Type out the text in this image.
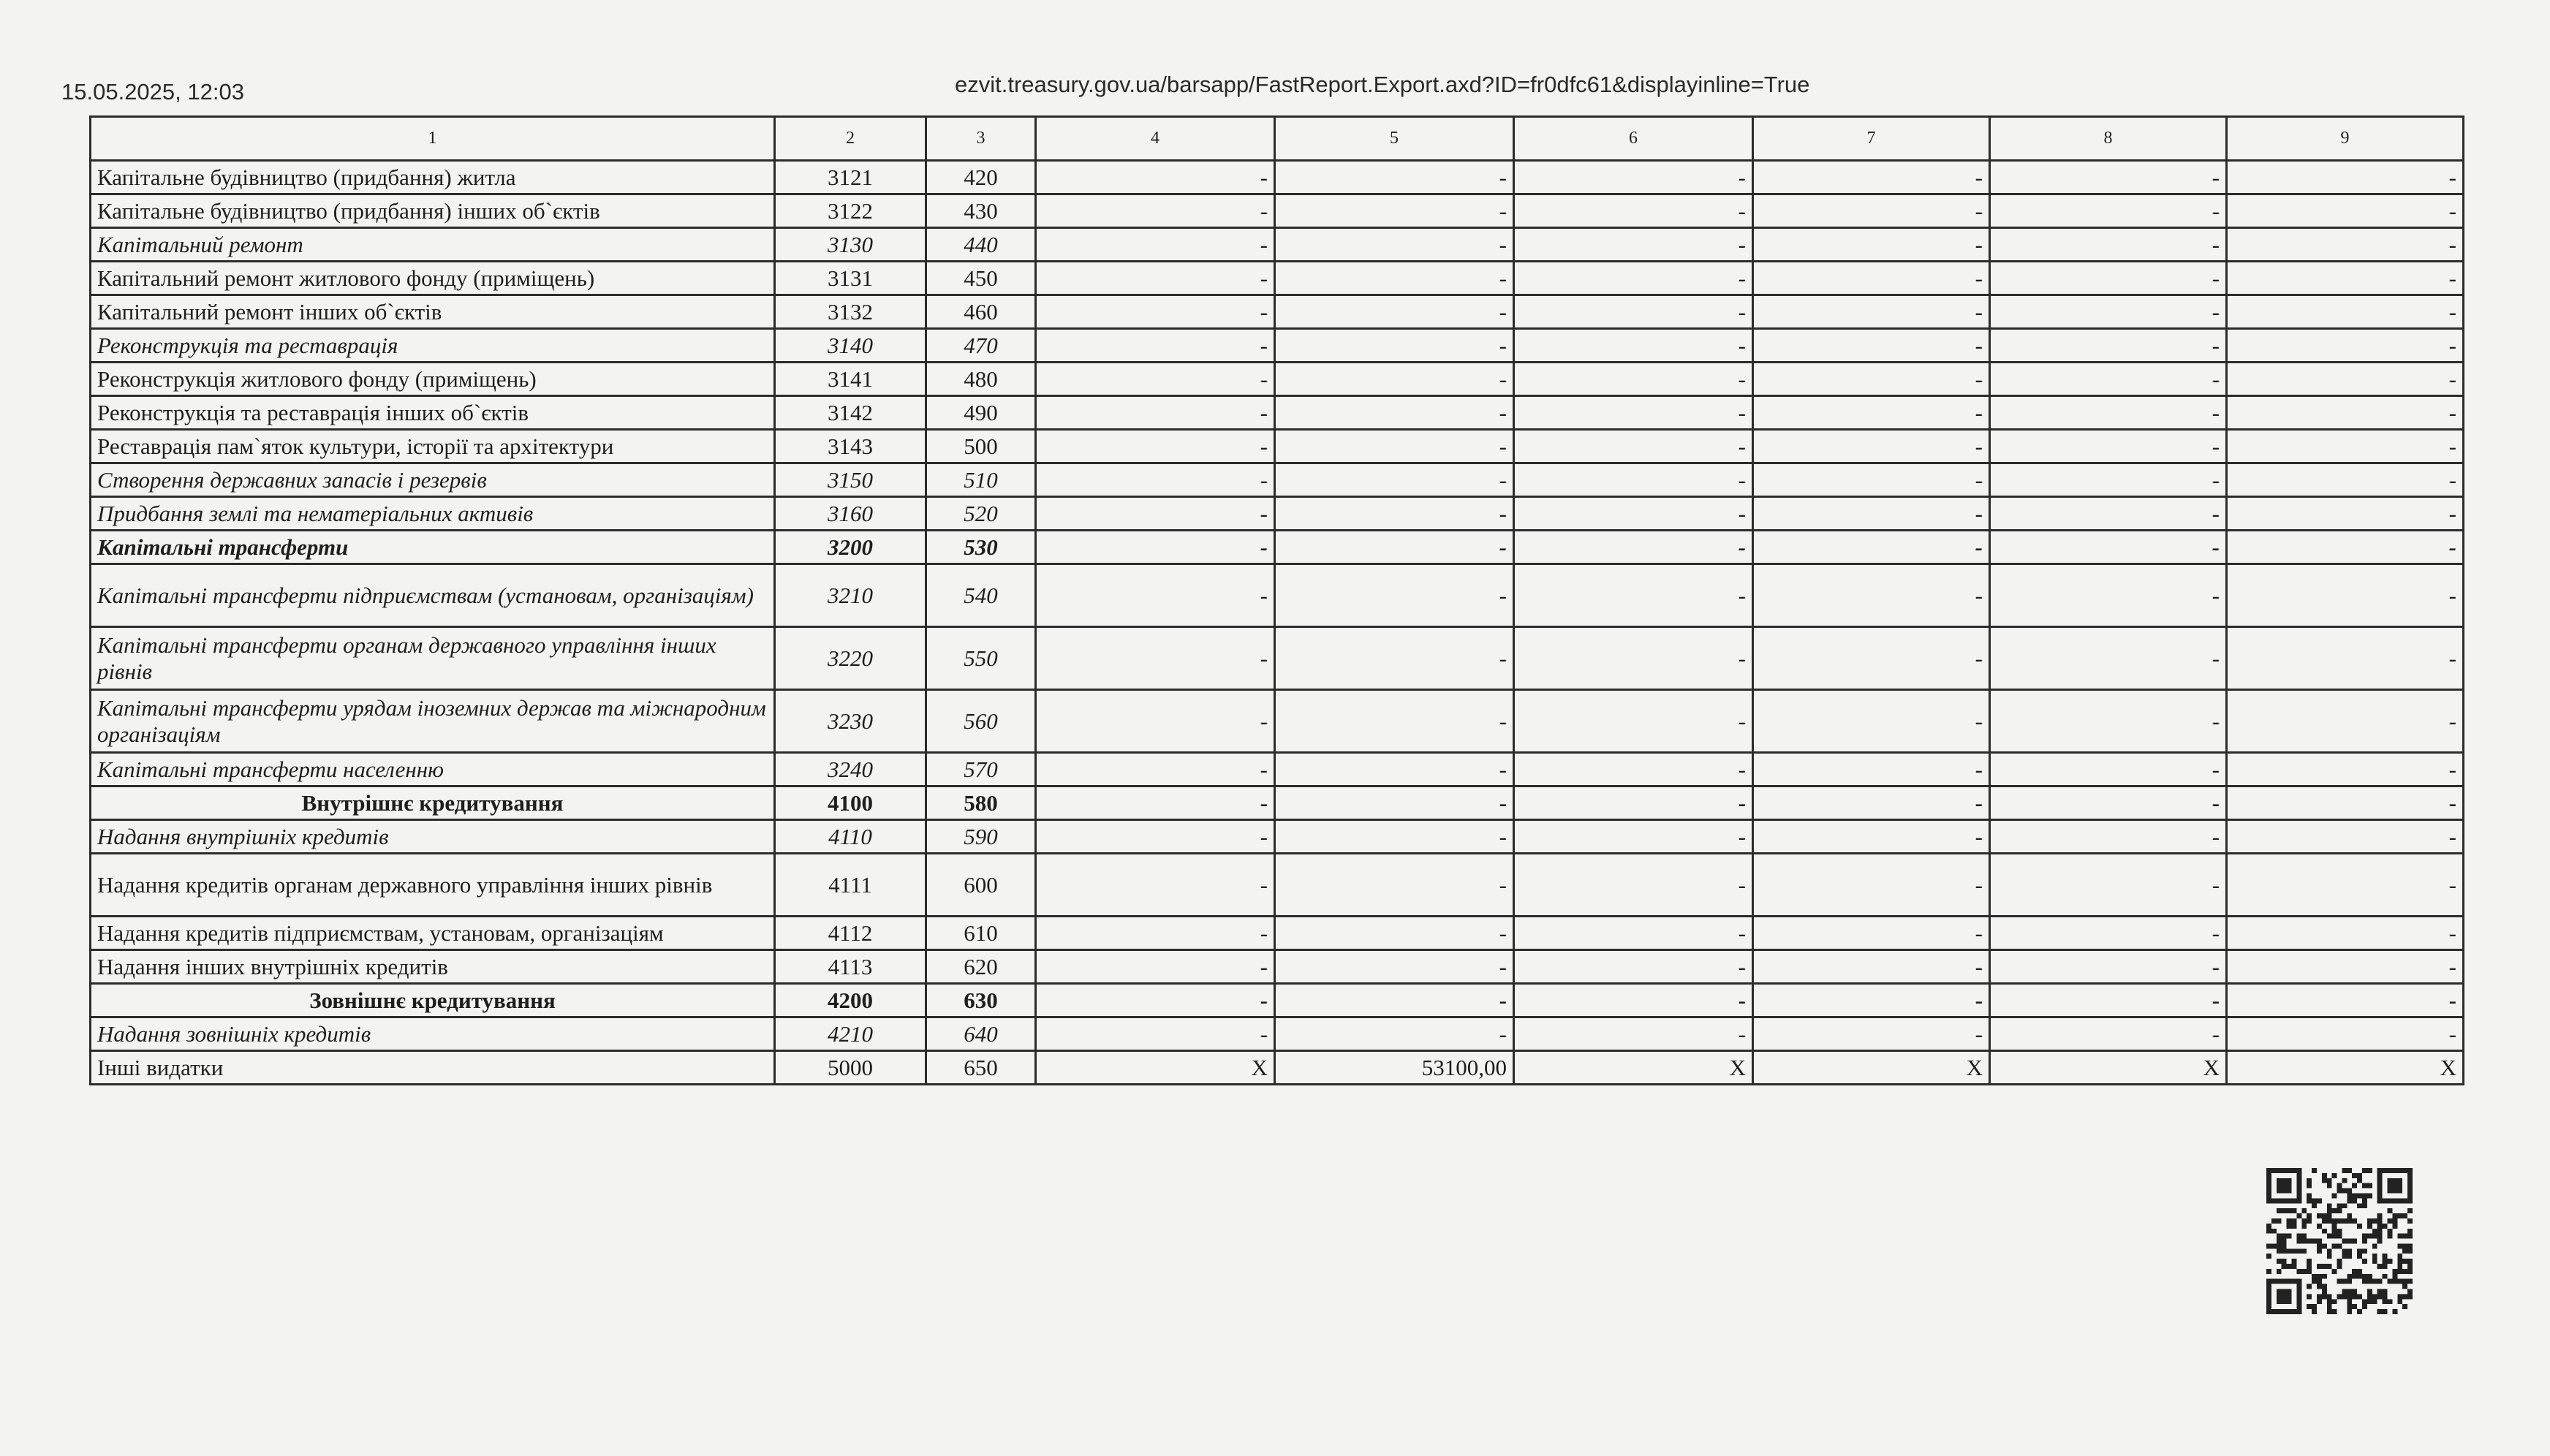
15.05.2025, 12:03	ezvit.treasury.gov.ua/barsapp/FastReport.Export.axd?ID=fr0dfc61&displayinline=True
1	2	3	4	5	6	7	8	9
Капітальне будівництво (придбання) житла	3121	420	-	-	-	-	-	-
Капітальне будівництво (придбання) інших об`єктів	3122	430	-	-	-	-	-	-
Капітальний ремонт	3130	440	-	-	-	-	-	-
Капітальний ремонт житлового фонду (приміщень)	3131	450	-	-	-	-	-	-
Капітальний ремонт інших об`єктів	3132	460	-	-	-	-	-	-
Реконструкція та реставрація	3140	470	-	-	-	-	-	-
Реконструкція житлового фонду (приміщень)	3141	480	-	-	-	-	-	-
Реконструкція та реставрація інших об`єктів	3142	490	-	-	-	-	-	-
Реставрація пам`яток культури, історії та архітектури	3143	500	-	-	-	-	-	-
Створення державних запасів і резервів	3150	510	-	-	-	-	-	-
Придбання землі та нематеріальних активів	3160	520	-	-	-	-	-	-
Капітальні трансферти	3200	530	-	-	-	-	-	-
Капітальні трансферти підприємствам (установам, організаціям)	3210	540	-	-	-	-	-	-
Капітальні трансферти органам державного управління інших рівнів	3220	550	-	-	-	-	-	-
Капітальні трансферти урядам іноземних держав та міжнародним організаціям	3230	560	-	-	-	-	-	-
Капітальні трансферти населенню	3240	570	-	-	-	-	-	-
Внутрішнє кредитування	4100	580	-	-	-	-	-	-
Надання внутрішніх кредитів	4110	590	-	-	-	-	-	-
Надання кредитів органам державного управління інших рівнів	4111	600	-	-	-	-	-	-
Надання кредитів підприємствам, установам, організаціям	4112	610	-	-	-	-	-	-
Надання інших внутрішніх кредитів	4113	620	-	-	-	-	-	-
Зовнішнє кредитування	4200	630	-	-	-	-	-	-
Надання зовнішніх кредитів	4210	640	-	-	-	-	-	-
Інші видатки	5000	650	X	53100,00	X	X	X	X
